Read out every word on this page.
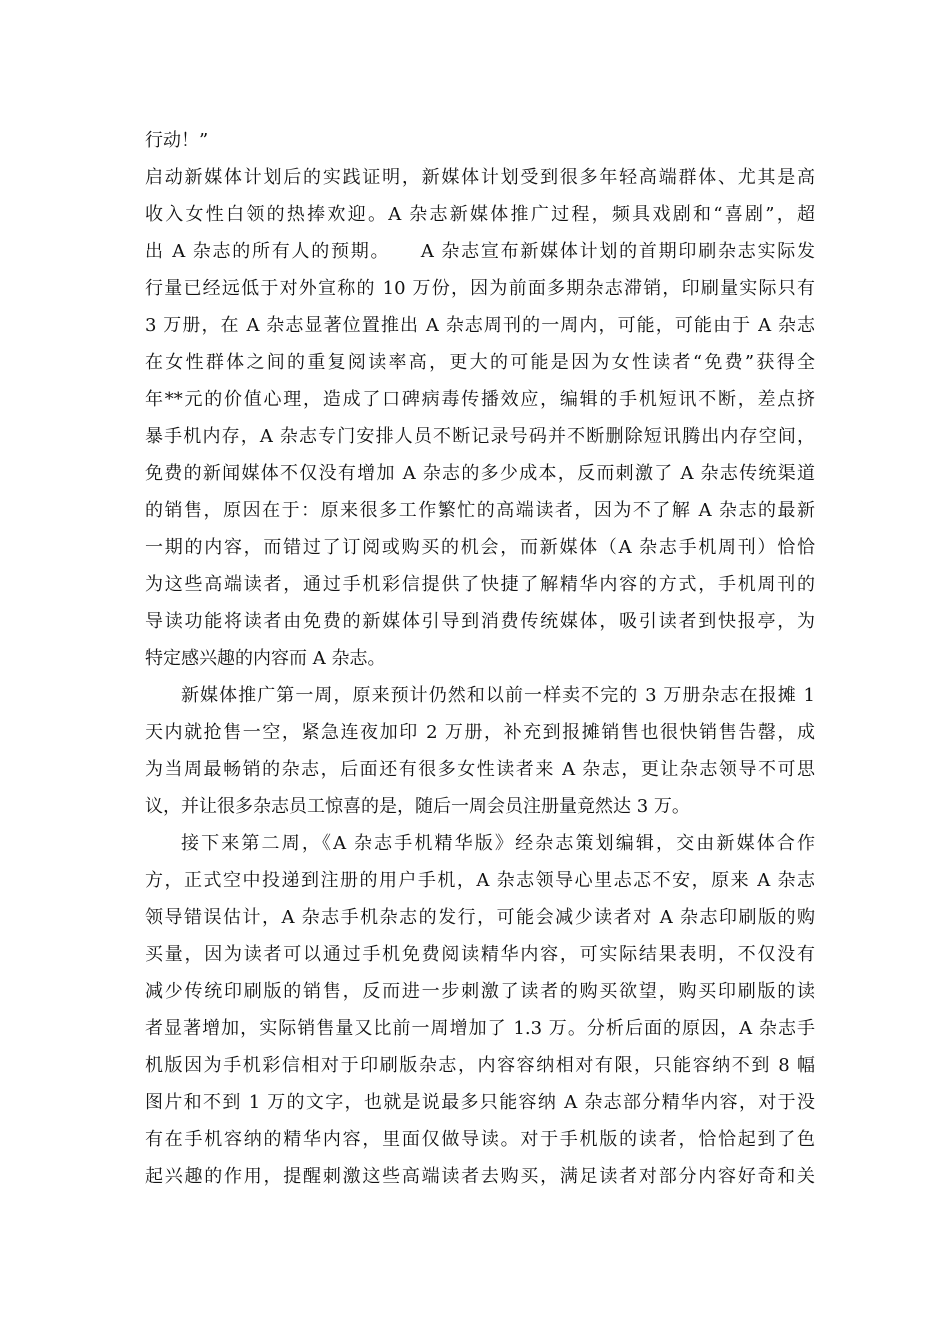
行动！”
启动新媒体计划后的实践证明，新媒体计划受到很多年轻高端群体、尤其是高
收入女性白领的热捧欢迎。A 杂志新媒体推广过程，频具戏剧和“喜剧”，超
出 A 杂志的所有人的预期。　　A 杂志宣布新媒体计划的首期印刷杂志实际发
行量已经远低于对外宣称的 10 万份，因为前面多期杂志滞销，印刷量实际只有
3 万册，在 A 杂志显著位置推出 A 杂志周刊的一周内，可能，可能由于 A 杂志
在女性群体之间的重复阅读率高，更大的可能是因为女性读者“免费”获得全
年**元的价值心理，造成了口碑病毒传播效应，编辑的手机短讯不断，差点挤
暴手机内存，A 杂志专门安排人员不断记录号码并不断删除短讯腾出内存空间，
免费的新闻媒体不仅没有增加 A 杂志的多少成本，反而刺激了 A 杂志传统渠道
的销售，原因在于：原来很多工作繁忙的高端读者，因为不了解 A 杂志的最新
一期的内容，而错过了订阅或购买的机会，而新媒体（A 杂志手机周刊）恰恰
为这些高端读者，通过手机彩信提供了快捷了解精华内容的方式，手机周刊的
导读功能将读者由免费的新媒体引导到消费传统媒体，吸引读者到快报亭，为
特定感兴趣的内容而 A 杂志。
新媒体推广第一周，原来预计仍然和以前一样卖不完的 3 万册杂志在报摊 1
天内就抢售一空，紧急连夜加印 2 万册，补充到报摊销售也很快销售告罄，成
为当周最畅销的杂志，后面还有很多女性读者来 A 杂志，更让杂志领导不可思
议，并让很多杂志员工惊喜的是，随后一周会员注册量竟然达 3 万。
接下来第二周，《A 杂志手机精华版》经杂志策划编辑，交由新媒体合作
方，正式空中投递到注册的用户手机，A 杂志领导心里忐忑不安，原来 A 杂志
领导错误估计，A 杂志手机杂志的发行，可能会减少读者对 A 杂志印刷版的购
买量，因为读者可以通过手机免费阅读精华内容，可实际结果表明，不仅没有
减少传统印刷版的销售，反而进一步刺激了读者的购买欲望，购买印刷版的读
者显著增加，实际销售量又比前一周增加了 1.3 万。分析后面的原因，A 杂志手
机版因为手机彩信相对于印刷版杂志，内容容纳相对有限，只能容纳不到 8 幅
图片和不到 1 万的文字，也就是说最多只能容纳 A 杂志部分精华内容，对于没
有在手机容纳的精华内容，里面仅做导读。对于手机版的读者，恰恰起到了色
起兴趣的作用，提醒刺激这些高端读者去购买，满足读者对部分内容好奇和关
